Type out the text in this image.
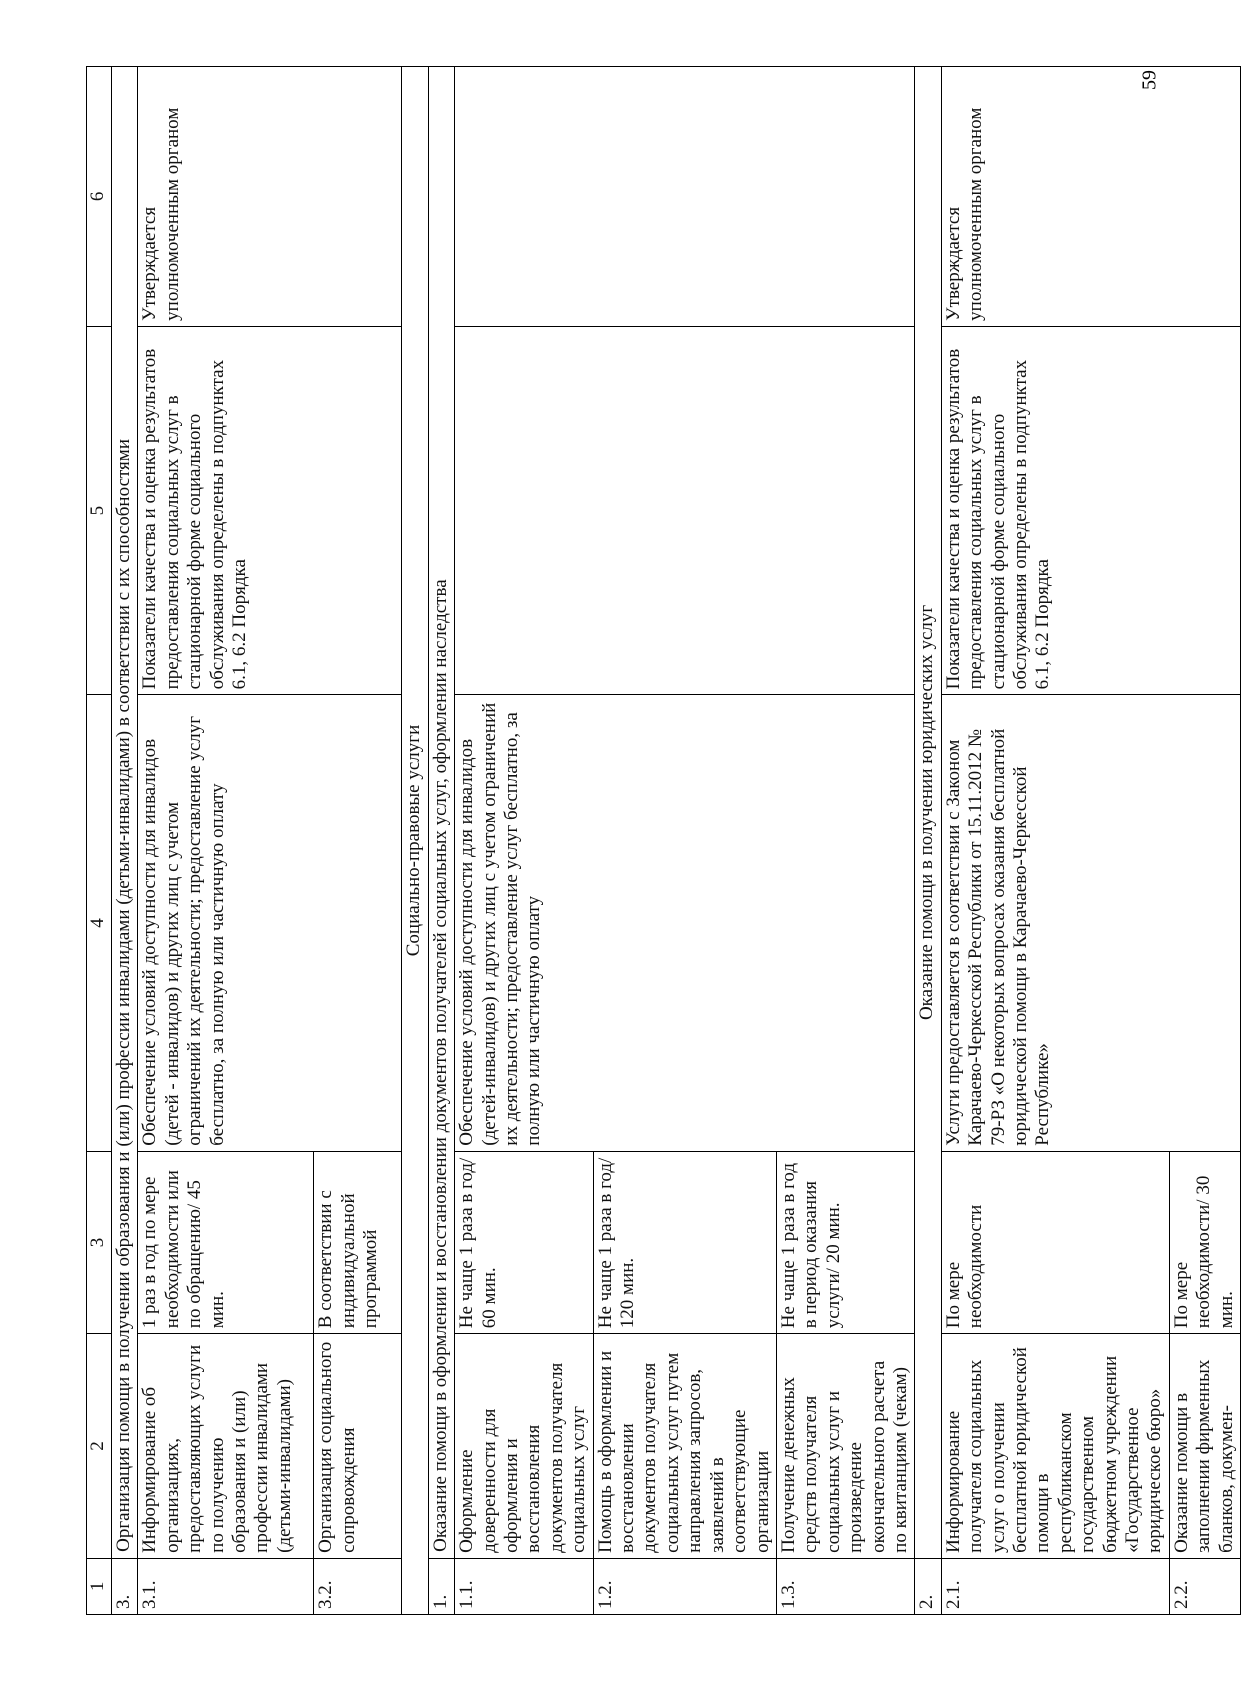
59
1	2	3	4	5	6
3.	Организация помощи в получении образования и (или) профессии инвалидами (детьми-инвалидами) в соответствии с их способностями				
3.1.	Информирование об организациях, предоставляющих услуги по получению образования и (или) профессии инвалидами (детьми-инвалидами)	1 раз в год по мере необходимости или по обращению/ 45 мин.	Обеспечение условий доступности для инвалидов (детей - инвалидов) и других лиц с учетом ограничений их деятельности; предоставление услуг бесплатно, за полную или частичную оплату	Показатели качества и оценка результатов предоставления социальных услуг в стационарной форме социального обслуживания определены в подпунктах 6.1, 6.2 Порядка	Утверждается уполномоченным органом
3.2.	Организация социального сопровождения	В соответствии с индивидуальной программой			
Социально-правовые услуги					
1.	Оказание помощи в оформлении и восстановлении документов получателей социальных услуг, оформлении наследства				
1.1.	Оформление доверенности для оформления и восстановления документов получателя социальных услуг	Не чаще 1 раза в год/ 60 мин.	Обеспечение условий доступности для инвалидов (детей-инвалидов) и других лиц с учетом ограничений их деятельности; предоставление услуг бесплатно, за полную или частичную оплату		
1.2.	Помощь в оформлении и восстановлении документов получателя социальных услуг путем направления запросов, заявлений в соответствующие организации	Не чаще 1 раза в год/ 120 мин.			
1.3.	Получение денежных средств получателя социальных услуг и произведение окончательного расчета по квитанциям (чекам)	Не чаще 1 раза в год в период оказания услуги/ 20 мин.			
2.	Оказание помощи в получении юридических услуг				
2.1.	Информирование получателя социальных услуг о получении бесплатной юридической помощи в республиканском государственном бюджетном учреждении «Государственное юридическое бюро»	По мере необходимости	Услуги предоставляется в соответствии с Законом Карачаево-Черкесской Республики от 15.11.2012 № 79-РЗ «О некоторых вопросах оказания бесплатной юридической помощи в Карачаево-Черкесской Республике»	Показатели качества и оценка результатов предоставления социальных услуг в стационарной форме социального обслуживания определены в подпунктах 6.1, 6.2 Порядка	Утверждается уполномоченным органом
2.2.	Оказание помощи в заполнении фирменных бланков, докумен-	По мере необходимости/ 30 мин.			
